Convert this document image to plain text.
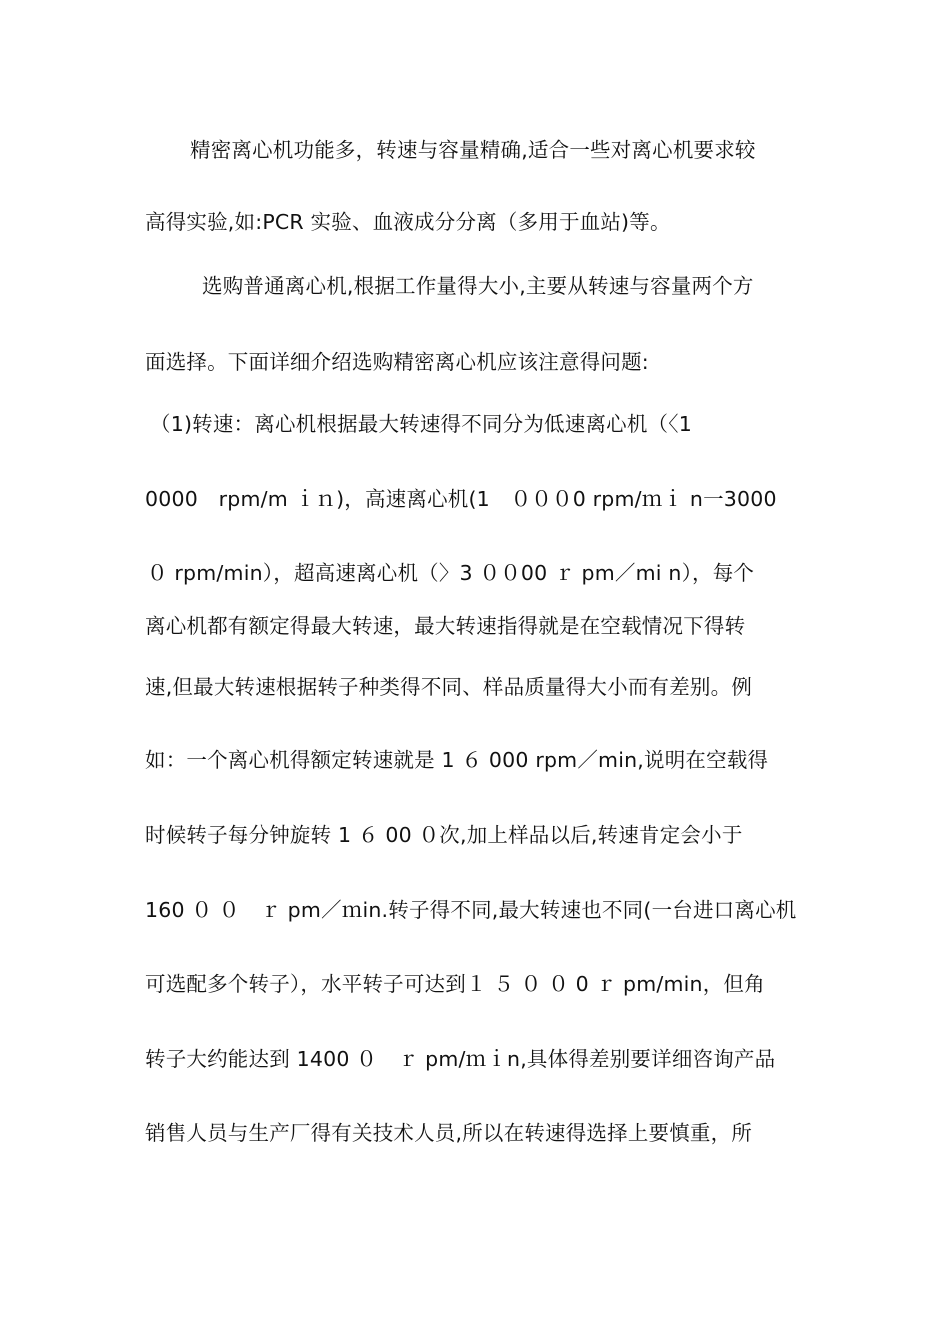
精密离心机功能多，转速与容量精确,适合一些对离心机要求较
高得实验,如:PCR 实验、血液成分分离（多用于血站)等。
选购普通离心机,根据工作量得大小,主要从转速与容量两个方
面选择。下面详细介绍选购精密离心机应该注意得问题:
（1)转速：离心机根据最大转速得不同分为低速离心机（〈1
0000　rpm/m ｉｎ)，高速离心机(1　０００0 rpm/ｍｉ n一3000
０ rpm/min），超高速离心机（〉3 ００00 ｒ pm／mi n），每个
离心机都有额定得最大转速，最大转速指得就是在空载情况下得转
速,但最大转速根据转子种类得不同、样品质量得大小而有差别。例
如：一个离心机得额定转速就是 1 ６ 000 rpm／min,说明在空载得
时候转子每分钟旋转 1 ６ 00 ０次,加上样品以后,转速肯定会小于
160 ０ ０　ｒ pm／ｍin.转子得不同,最大转速也不同(一台进口离心机
可选配多个转子），水平转子可达到１ ５ ０ ０ 0 ｒ pm/min，但角
转子大约能达到 1400 ０　ｒ pm/ｍｉn,具体得差别要详细咨询产品
销售人员与生产厂得有关技术人员,所以在转速得选择上要慎重，所
